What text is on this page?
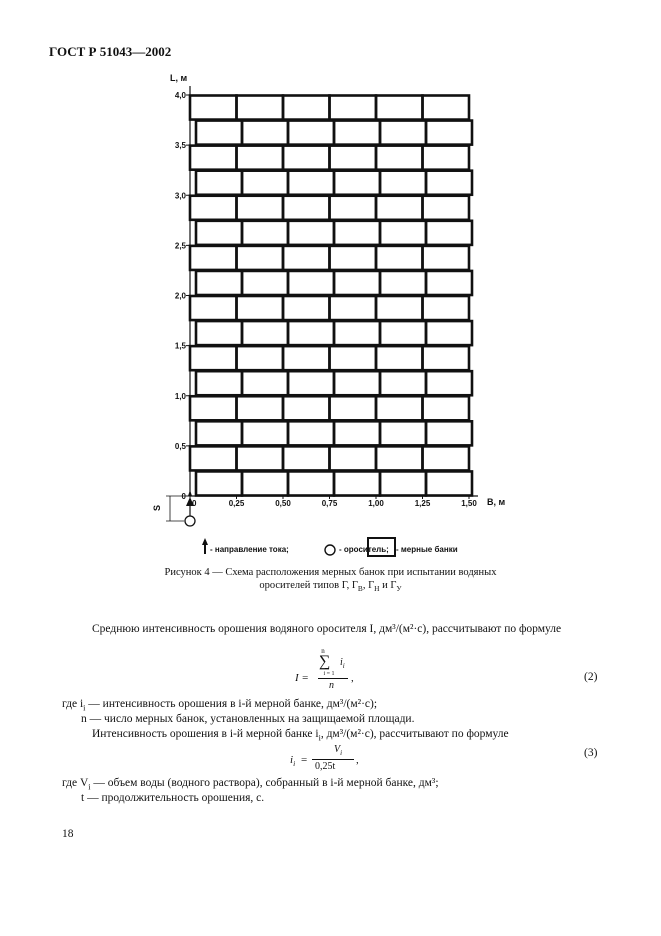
ГОСТ Р 51043—2002
4,0
3,5
3,0
2,5
2,0
1,5
1,0
0,5
0
0	0,25	0,50	0,75	1,00	1,25	1,50
L, м
B, м
S
- направление тока;	- ороситель; - мерные банки
Рисунок 4 — Схема расположения мерных банок при испытании водяных
оросителей типов Г, $Г_В$, $Г_Н$ и $Г_У$
Среднюю интенсивность орошения водяного оросителя I, дм³/(м²·с), рассчитывают по формуле
n
∑ $i_i$
I =	i = 1
n
,	(2)
где $i_i$ — интенсивность орошения в i-й мерной банке, дм³/(м²·с);
n — число мерных банок, установленных на защищаемой площади.
Интенсивность орошения в i-й мерной банке $i_i$, дм³/(м²·с), рассчитывают по формуле
$i_i$ =
$V_i$
0,25t
,
(3)
где $V_i$ — объем воды (водного раствора), собранный в i-й мерной банке, дм³;
t — продолжительность орошения, с.
18
